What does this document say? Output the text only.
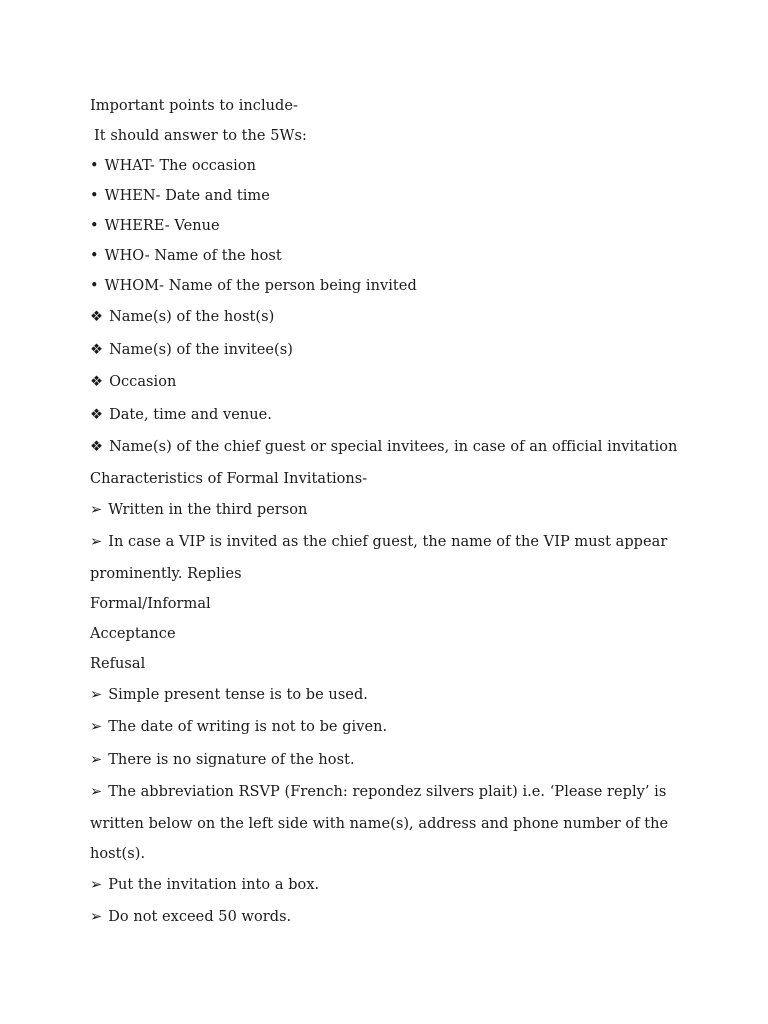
Important points to include-
It should answer to the 5Ws:
• WHAT- The occasion
• WHEN- Date and time
• WHERE- Venue
• WHO- Name of the host
• WHOM- Name of the person being invited
❖ Name(s) of the host(s)
❖ Name(s) of the invitee(s)
❖ Occasion
❖ Date, time and venue.
❖ Name(s) of the chief guest or special invitees, in case of an official invitation
Characteristics of Formal Invitations-
➢ Written in the third person
➢ In case a VIP is invited as the chief guest, the name of the VIP must appear
prominently. Replies
Formal/Informal
Acceptance
Refusal
➢ Simple present tense is to be used.
➢ The date of writing is not to be given.
➢ There is no signature of the host.
➢ The abbreviation RSVP (French: repondez silvers plait) i.e. ‘Please reply’ is
written below on the left side with name(s), address and phone number of the
host(s).
➢ Put the invitation into a box.
➢ Do not exceed 50 words.
